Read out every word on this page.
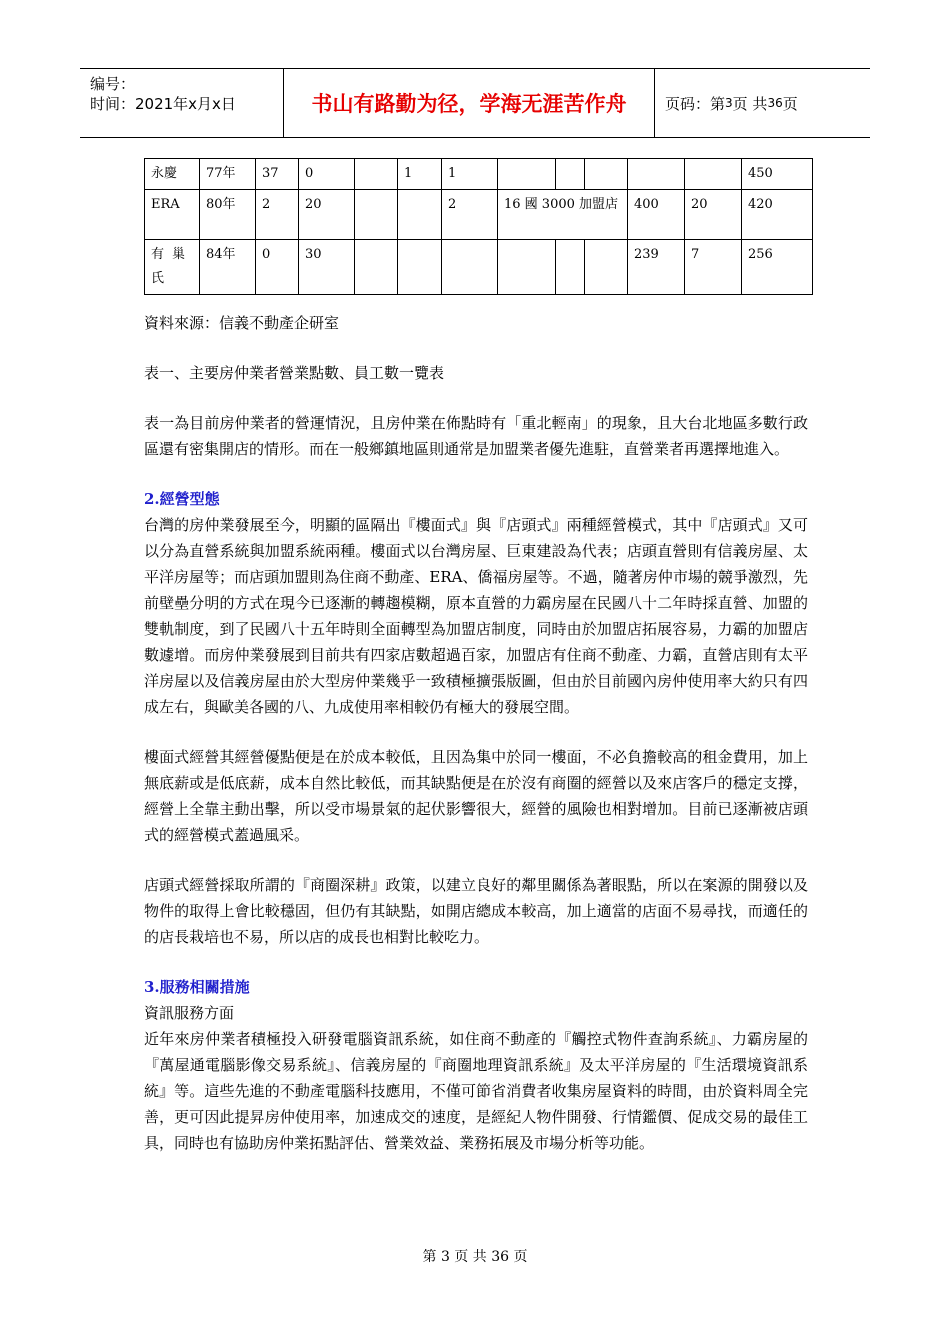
编号：
时间：2021年x月x日	书山有路勤为径，学海无涯苦作舟	页码：第 3 页 共 36 页
永慶	77年	37	0		1	1						450
ERA	80年	2	20			2	16 國 3000 加盟店			400	20	420
有巢氏	84年	0	30							239	7	256

資料來源：信義不動產企研室

表一、主要房仲業者營業點數、員工數一覽表

表一為目前房仲業者的營運情況，且房仲業在佈點時有「重北輕南」的現象，且大台北地區多數行政區還有密集開店的情形。而在一般鄉鎮地區則通常是加盟業者優先進駐，直營業者再選擇地進入。

2.經營型態

台灣的房仲業發展至今，明顯的區隔出『樓面式』與『店頭式』兩種經營模式，其中『店頭式』又可以分為直營系統與加盟系統兩種。樓面式以台灣房屋、巨東建設為代表；店頭直營則有信義房屋、太平洋房屋等；而店頭加盟則為住商不動產、ERA、僑福房屋等。不過，隨著房仲市場的競爭激烈，先前壁壘分明的方式在現今已逐漸的轉趨模糊，原本直營的力霸房屋在民國八十二年時採直營、加盟的雙軌制度，到了民國八十五年時則全面轉型為加盟店制度，同時由於加盟店拓展容易，力霸的加盟店數遽增。而房仲業發展到目前共有四家店數超過百家，加盟店有住商不動產、力霸，直營店則有太平洋房屋以及信義房屋由於大型房仲業幾乎一致積極擴張版圖，但由於目前國內房仲使用率大約只有四成左右，與歐美各國的八、九成使用率相較仍有極大的發展空間。

樓面式經營其經營優點便是在於成本較低，且因為集中於同一樓面，不必負擔較高的租金費用，加上無底薪或是低底薪，成本自然比較低，而其缺點便是在於沒有商圈的經營以及來店客戶的穩定支撐，經營上全靠主動出擊，所以受市場景氣的起伏影響很大，經營的風險也相對增加。目前已逐漸被店頭式的經營模式蓋過風采。

店頭式經營採取所謂的『商圈深耕』政策，以建立良好的鄰里關係為著眼點，所以在案源的開發以及物件的取得上會比較穩固，但仍有其缺點，如開店總成本較高，加上適當的店面不易尋找，而適任的的店長栽培也不易，所以店的成長也相對比較吃力。

3.服務相關措施

資訊服務方面

近年來房仲業者積極投入研發電腦資訊系統，如住商不動產的『觸控式物件查詢系統』、力霸房屋的『萬屋通電腦影像交易系統』、信義房屋的『商圈地理資訊系統』及太平洋房屋的『生活環境資訊系統』等。這些先進的不動產電腦科技應用，不僅可節省消費者收集房屋資料的時間，由於資料周全完善，更可因此提昇房仲使用率，加速成交的速度，是經紀人物件開發、行情鑑價、促成交易的最佳工具，同時也有協助房仲業拓點評估、營業效益、業務拓展及市場分析等功能。

第 3 页 共 36 页
